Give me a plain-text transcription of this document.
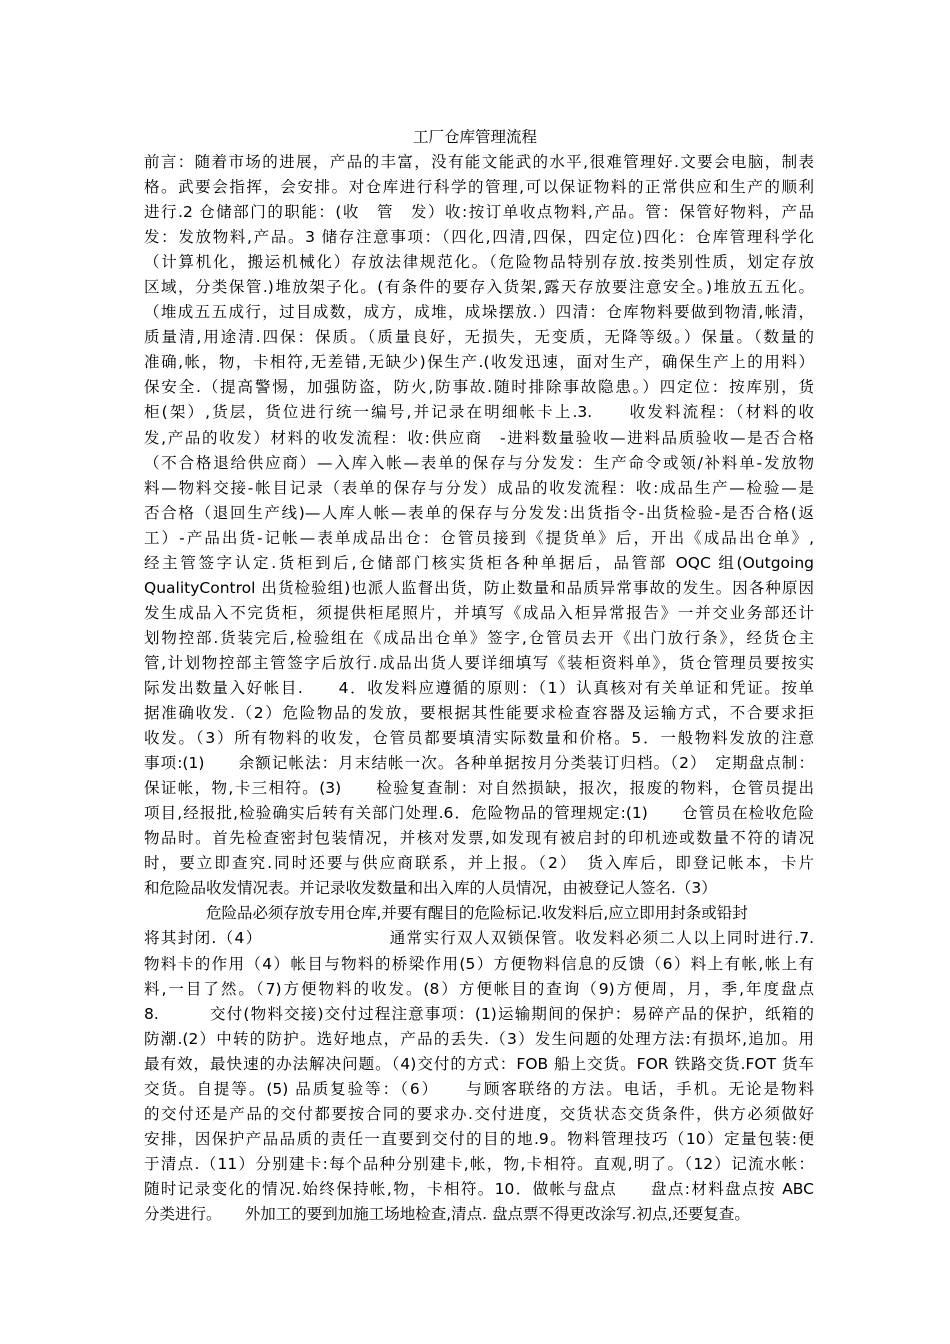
工厂仓库管理流程
前言：随着市场的进展，产品的丰富，没有能文能武的水平,很难管理好.文要会电脑，制表
格。武要会指挥，会安排。对仓库进行科学的管理,可以保证物料的正常供应和生产的顺利
进行.2 仓储部门的职能：(收　管　发）收:按订单收点物料,产品。管：保管好物料，产品
发：发放物料,产品。3 储存注意事项：（四化,四清,四保，四定位)四化：仓库管理科学化
（计算机化，搬运机械化）存放法律规范化。（危险物品特别存放.按类别性质，划定存放
区域，分类保管.)堆放架子化。(有条件的要存入货架,露天存放要注意安全。)堆放五五化。
（堆成五五成行，过目成数，成方，成堆，成垛摆放.）四清：仓库物料要做到物清,帐清，
质量清,用途清.四保：保质。（质量良好，无损失，无变质，无降等级。）保量。（数量的
准确,帐，物，卡相符,无差错,无缺少)保生产.(收发迅速，面对生产，确保生产上的用料）
保安全.（提高警惕，加强防盗，防火,防事故.随时排除事故隐患。）四定位：按库别，货
柜(架）,货层，货位进行统一编号,并记录在明细帐卡上.3.　　收发料流程：（材料的收
发,产品的收发）材料的收发流程：收:供应商　-进料数量验收—进料品质验收—是否合格
（不合格退给供应商）—入库入帐—表单的保存与分发发：生产命令或领/补料单-发放物
料—物料交接-帐目记录（表单的保存与分发）成品的收发流程：收:成品生产—检验—是
否合格（退回生产线)—人库人帐—表单的保存与分发发:出货指令-出货检验-是否合格(返
工）-产品出货-记帐—表单成品出仓：仓管员接到《提货单》后，开出《成品出仓单》,
经主管签字认定.货柜到后,仓储部门核实货柜各种单据后，品管部 OQC 组(Outgoing
QualityControl 出货检验组)也派人监督出货，防止数量和品质异常事故的发生。因各种原因
发生成品入不完货柜，须提供柜尾照片，并填写《成品入柜异常报告》一并交业务部还计
划物控部.货装完后,检验组在《成品出仓单》签字,仓管员去开《出门放行条》，经货仓主
管,计划物控部主管签字后放行.成品出货人要详细填写《装柜资料单》，货仓管理员要按实
际发出数量入好帐目.　　4．收发料应遵循的原则：（1）认真核对有关单证和凭证。按单
据准确收发.（2）危险物品的发放，要根据其性能要求检查容器及运输方式，不合要求拒
收发。（3）所有物料的收发，仓管员都要填清实际数量和价格。5．一般物料发放的注意
事项:(1)　　余额记帐法：月末结帐一次。各种单据按月分类装订归档。（2）　定期盘点制：
保证帐，物,卡三相符。(3)　　检验复查制：对自然损缺，报次，报废的物料，仓管员提出
项目,经报批,检验确实后转有关部门处理.6．危险物品的管理规定:(1)　　仓管员在检收危险
物品时。首先检查密封包装情况，并核对发票,如发现有被启封的印机迹或数量不符的请况
时，要立即查究.同时还要与供应商联系，并上报。（2）　货入库后，即登记帐本，卡片
和危险品收发情况表。并记录收发数量和出入库的人员情况，由被登记人签名.（3）
　　　　危险品必须存放专用仓库,并要有醒目的危险标记.收发料后,应立即用封条或铅封
将其封闭.（4）　　　　　　　　通常实行双人双锁保管。收发料必须二人以上同时进行.7.
物料卡的作用（4）帐目与物料的桥梁作用(5）方便物料信息的反馈（6）料上有帐,帐上有
料,一目了然。（7)方便物料的收发。(8）方便帐目的查询（9)方便周，月，季,年度盘点
8.　　　交付(物料交接)交付过程注意事项：(1)运输期间的保护：易碎产品的保护，纸箱的
防潮.(2）中转的防护。选好地点，产品的丢失.（3）发生问题的处理方法:有损坏,追加。用
最有效，最快速的办法解决问题。（4)交付的方式：FOB 船上交货。FOR 铁路交货.FOT 货车
交货。自提等。(5) 品质复验等：（6）　　与顾客联络的方法。电话，手机。无论是物料
的交付还是产品的交付都要按合同的要求办.交付进度，交货状态交货条件，供方必须做好
安排，因保护产品品质的责任一直要到交付的目的地.9。物料管理技巧（10）定量包装:便
于清点.（11）分别建卡:每个品种分别建卡,帐，物,卡相符。直观,明了。（12）记流水帐：
随时记录变化的情况.始终保持帐,物，卡相符。10．做帐与盘点　　盘点:材料盘点按 ABC
分类进行。　　外加工的要到加施工场地检查,清点. 盘点票不得更改涂写.初点,还要复查。
